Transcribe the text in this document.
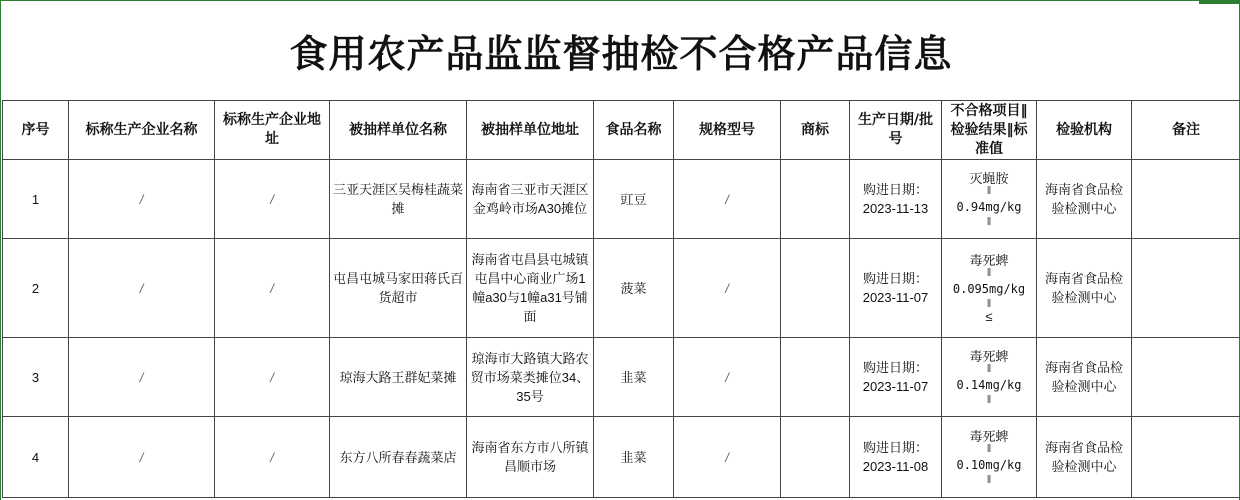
食用农产品监监督抽检不合格产品信息
序号	标称生产企业名称	标称生产企业地址	被抽样单位名称	被抽样单位地址	食品名称	规格型号	商标	生产日期/批号	不合格项目‖检验结果‖标准值	检验机构	备注
1	/	/	三亚天涯区吴梅桂蔬菜摊	海南省三亚市天涯区金鸡岭市场A30摊位	豇豆	/		购进日期：2023-11-13	灭蝇胺
‖
0.94mg/kg
‖	海南省食品检验检测中心	
2	/	/	屯昌屯城马家田蒋氏百货超市	海南省屯昌县屯城镇屯昌中心商业广场1幢a30与1幢a31号铺面	菠菜	/		购进日期：2023-11-07	毒死蜱
‖
0.095mg/kg
‖
≤	海南省食品检验检测中心	
3	/	/	琼海大路王群妃菜摊	琼海市大路镇大路农贸市场菜类摊位34、35号	韭菜	/		购进日期：2023-11-07	毒死蜱
‖
0.14mg/kg
‖	海南省食品检验检测中心	
4	/	/	东方八所春春蔬菜店	海南省东方市八所镇昌顺市场	韭菜	/		购进日期：2023-11-08	毒死蜱
‖
0.10mg/kg
‖	海南省食品检验检测中心	
